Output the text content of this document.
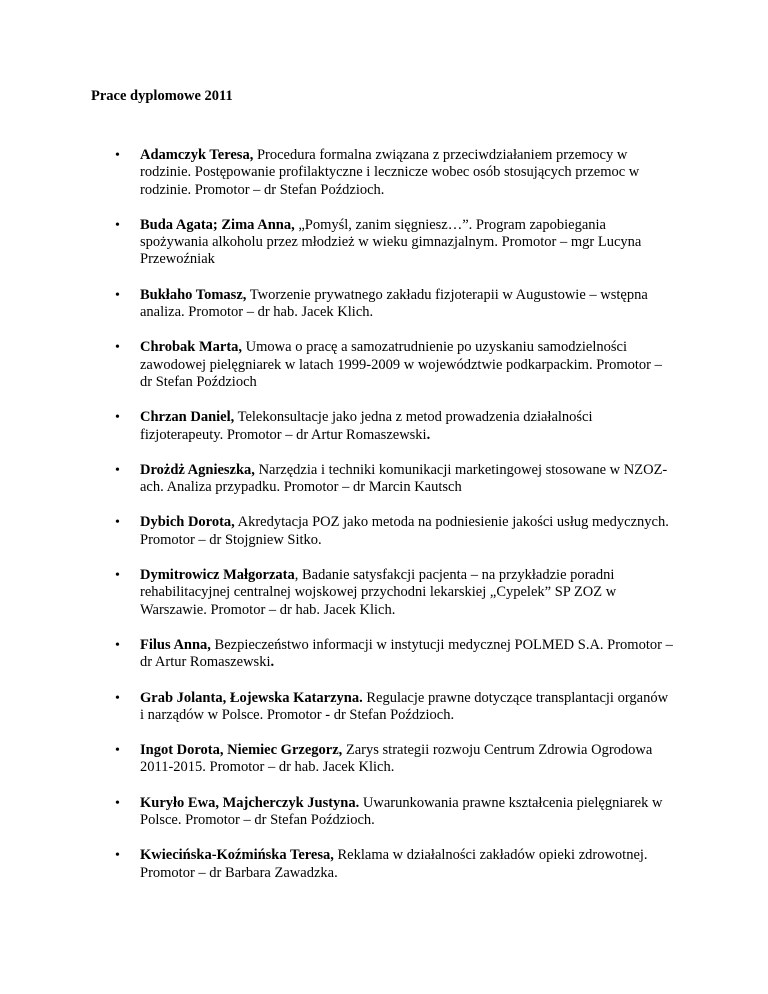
Prace dyplomowe 2011
• Adamczyk Teresa, Procedura formalna związana z przeciwdziałaniem przemocy w rodzinie. Postępowanie profilaktyczne i lecznicze wobec osób stosujących przemoc w rodzinie. Promotor – dr Stefan Poździoch.
• Buda Agata; Zima Anna, „Pomyśl, zanim sięgniesz…”. Program zapobiegania spożywania alkoholu przez młodzież w wieku gimnazjalnym. Promotor – mgr Lucyna Przewoźniak
• Bukłaho Tomasz, Tworzenie prywatnego zakładu fizjoterapii w Augustowie – wstępna analiza. Promotor – dr hab. Jacek Klich.
• Chrobak Marta, Umowa o pracę a samozatrudnienie po uzyskaniu samodzielności zawodowej pielęgniarek w latach 1999-2009 w województwie podkarpackim. Promotor – dr Stefan Poździoch
• Chrzan Daniel, Telekonsultacje jako jedna z metod prowadzenia działalności fizjoterapeuty. Promotor – dr Artur Romaszewski.
• Drożdż Agnieszka, Narzędzia i techniki komunikacji marketingowej stosowane w NZOZ-ach. Analiza przypadku. Promotor – dr Marcin Kautsch
• Dybich Dorota, Akredytacja POZ jako metoda na podniesienie jakości usług medycznych. Promotor – dr Stojgniew Sitko.
• Dymitrowicz Małgorzata, Badanie satysfakcji pacjenta – na przykładzie poradni rehabilitacyjnej centralnej wojskowej przychodni lekarskiej „Cypelek” SP ZOZ w Warszawie. Promotor – dr hab. Jacek Klich.
• Filus Anna, Bezpieczeństwo informacji w instytucji medycznej POLMED S.A. Promotor – dr Artur Romaszewski.
• Grab Jolanta, Łojewska Katarzyna. Regulacje prawne dotyczące transplantacji organów i narządów w Polsce. Promotor - dr Stefan Poździoch.
• Ingot Dorota, Niemiec Grzegorz, Zarys strategii rozwoju Centrum Zdrowia Ogrodowa 2011-2015. Promotor – dr hab. Jacek Klich.
• Kuryło Ewa, Majcherczyk Justyna. Uwarunkowania prawne kształcenia pielęgniarek w Polsce. Promotor – dr Stefan Poździoch.
• Kwiecińska-Koźmińska Teresa, Reklama w działalności zakładów opieki zdrowotnej. Promotor – dr Barbara Zawadzka.
